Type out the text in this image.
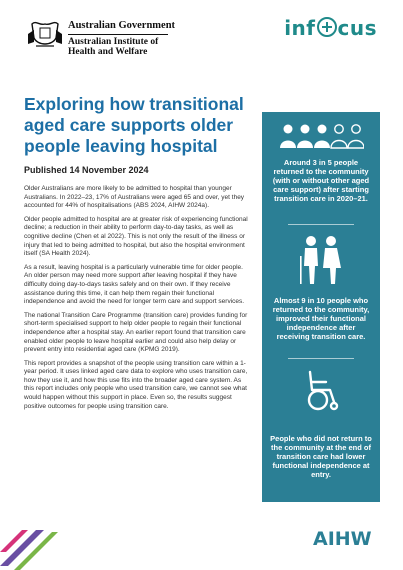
Australian Government
Australian Institute of
Health and Welfare
inf cus
Exploring how transitional aged care supports older people leaving hospital
Published 14 November 2024

Older Australians are more likely to be admitted to hospital than younger Australians. In 2022–23, 17% of Australians were aged 65 and over, yet they accounted for 44% of hospitalisations (ABS 2024, AIHW 2024a).

Older people admitted to hospital are at greater risk of experiencing functional decline; a reduction in their ability to perform day-to-day tasks, as well as cognitive decline (Chen et al 2022). This is not only the result of the illness or injury that led to being admitted to hospital, but also the hospital environment itself (SA Health 2024).

As a result, leaving hospital is a particularly vulnerable time for older people. An older person may need more support after leaving hospital if they have difficulty doing day-to-days tasks safely and on their own. If they receive assistance during this time, it can help them regain their functional independence and avoid the need for longer term care and support services.

The national Transition Care Programme (transition care) provides funding for short-term specialised support to help older people to regain their functional independence after a hospital stay. An earlier report found that transition care enabled older people to leave hospital earlier and could also help delay or prevent entry into residential aged care (KPMG 2019).

This report provides a snapshot of the people using transition care within a 1-year period. It uses linked aged care data to explore who uses transition care, how they use it, and how this use fits into the broader aged care system. As this report includes only people who used transition care, we cannot see what would happen without this support in place. Even so, the results suggest positive outcomes for people using transition care.

Around 3 in 5 people returned to the community (with or without other aged care support) after starting transition care in 2020–21.
Almost 9 in 10 people who returned to the community, improved their functional independence after receiving transition care.
People who did not return to the community at the end of transition care had lower functional independence at entry.
AIHW
